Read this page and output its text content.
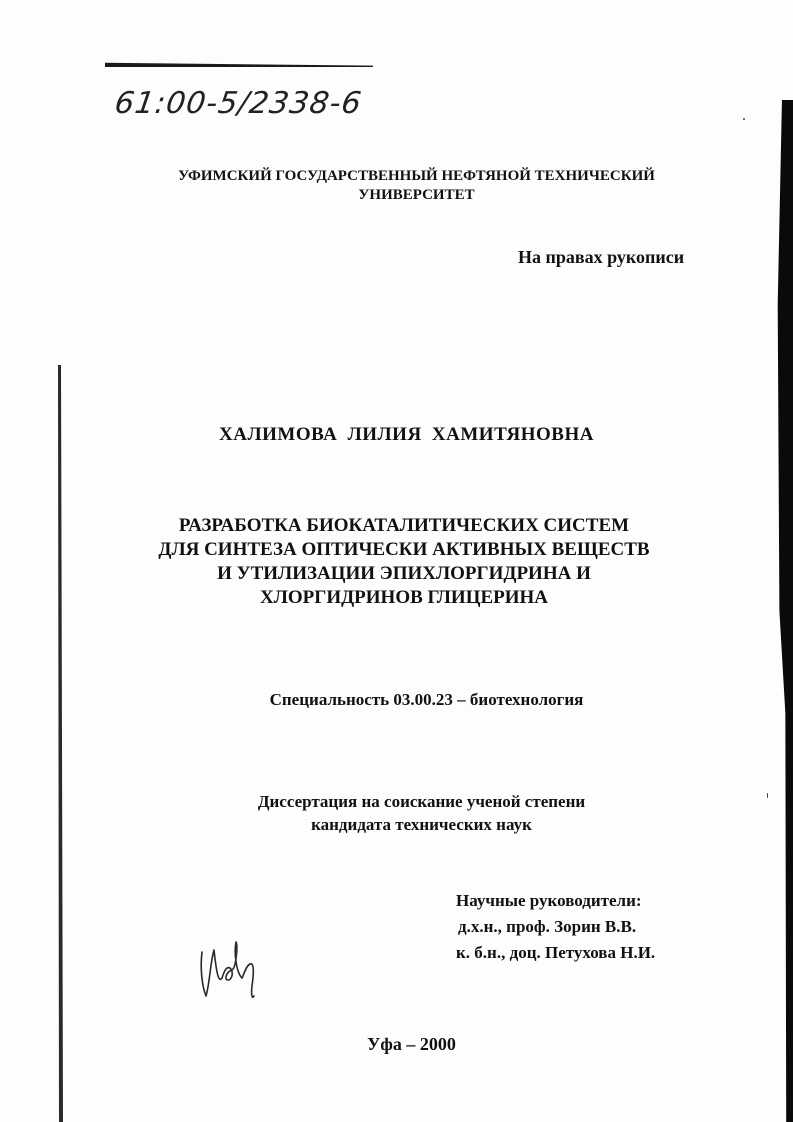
61:00-5/2338-6
УФИМСКИЙ ГОСУДАРСТВЕННЫЙ НЕФТЯНОЙ ТЕХНИЧЕСКИЙ
УНИВЕРСИТЕТ
На правах рукописи
ХАЛИМОВА ЛИЛИЯ ХАМИТЯНОВНА
РАЗРАБОТКА БИОКАТАЛИТИЧЕСКИХ СИСТЕМ
ДЛЯ СИНТЕЗА ОПТИЧЕСКИ АКТИВНЫХ ВЕЩЕСТВ
И УТИЛИЗАЦИИ ЭПИХЛОРГИДРИНА И
ХЛОРГИДРИНОВ ГЛИЦЕРИНА
Специальность 03.00.23 – биотехнология
Диссертация на соискание ученой степени
кандидата технических наук
Научные руководители:
д.х.н., проф. Зорин В.В.
к. б.н., доц. Петухова Н.И.
Уфа – 2000
